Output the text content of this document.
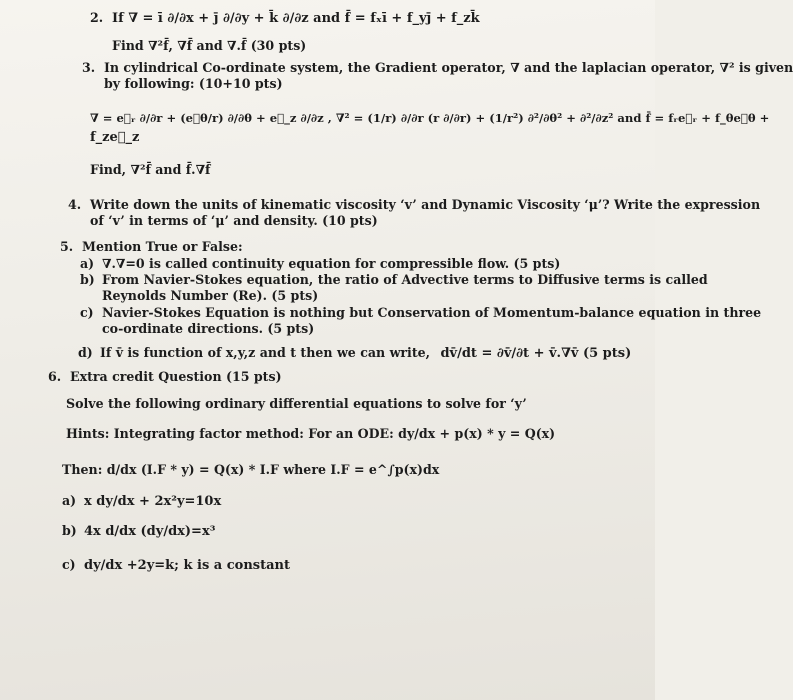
2. If ∇ = ī ∂/∂x + j̄ ∂/∂y + k̄ ∂/∂z and f̄ = fₓī + f_yj̄ + f_zk̄
Find ∇²f̄, ∇f̄ and ∇.f̄ (30 pts)
3. In cylindrical Co-ordinate system, the Gradient operator, ∇ and the laplacian operator, ∇² is given
by following: (10+10 pts)
∇ = e⃗ᵣ ∂/∂r + (e⃗θ/r) ∂/∂θ + e⃗_z ∂/∂z , ∇² = (1/r) ∂/∂r (r ∂/∂r) + (1/r²) ∂²/∂θ² + ∂²/∂z² and f̄ = fᵣe⃗ᵣ + f_θe⃗θ +
f_ze⃗_z
Find, ∇²f̄ and f̄.∇f̄
4. Write down the units of kinematic viscosity ‘v’ and Dynamic Viscosity ‘μ’? Write the expression
of ‘v’ in terms of ‘μ’ and density. (10 pts)
5. Mention True or False:
a) ∇.∇=0 is called continuity equation for compressible flow. (5 pts)
b) From Navier-Stokes equation, the ratio of Advective terms to Diffusive terms is called
Reynolds Number (Re). (5 pts)
c) Navier-Stokes Equation is nothing but Conservation of Momentum-balance equation in three
co-ordinate directions. (5 pts)
d) If v̄ is function of x,y,z and t then we can write, dv̄/dt = ∂v̄/∂t + v̄.∇v̄ (5 pts)
6. Extra credit Question (15 pts)
Solve the following ordinary differential equations to solve for ‘y’
Hints: Integrating factor method: For an ODE: dy/dx + p(x) * y = Q(x)
Then: d/dx (I.F * y) = Q(x) * I.F where I.F = e^∫p(x)dx
a) x dy/dx + 2x²y=10x
b) 4x d/dx (dy/dx)=x³
c) dy/dx +2y=k; k is a constant
